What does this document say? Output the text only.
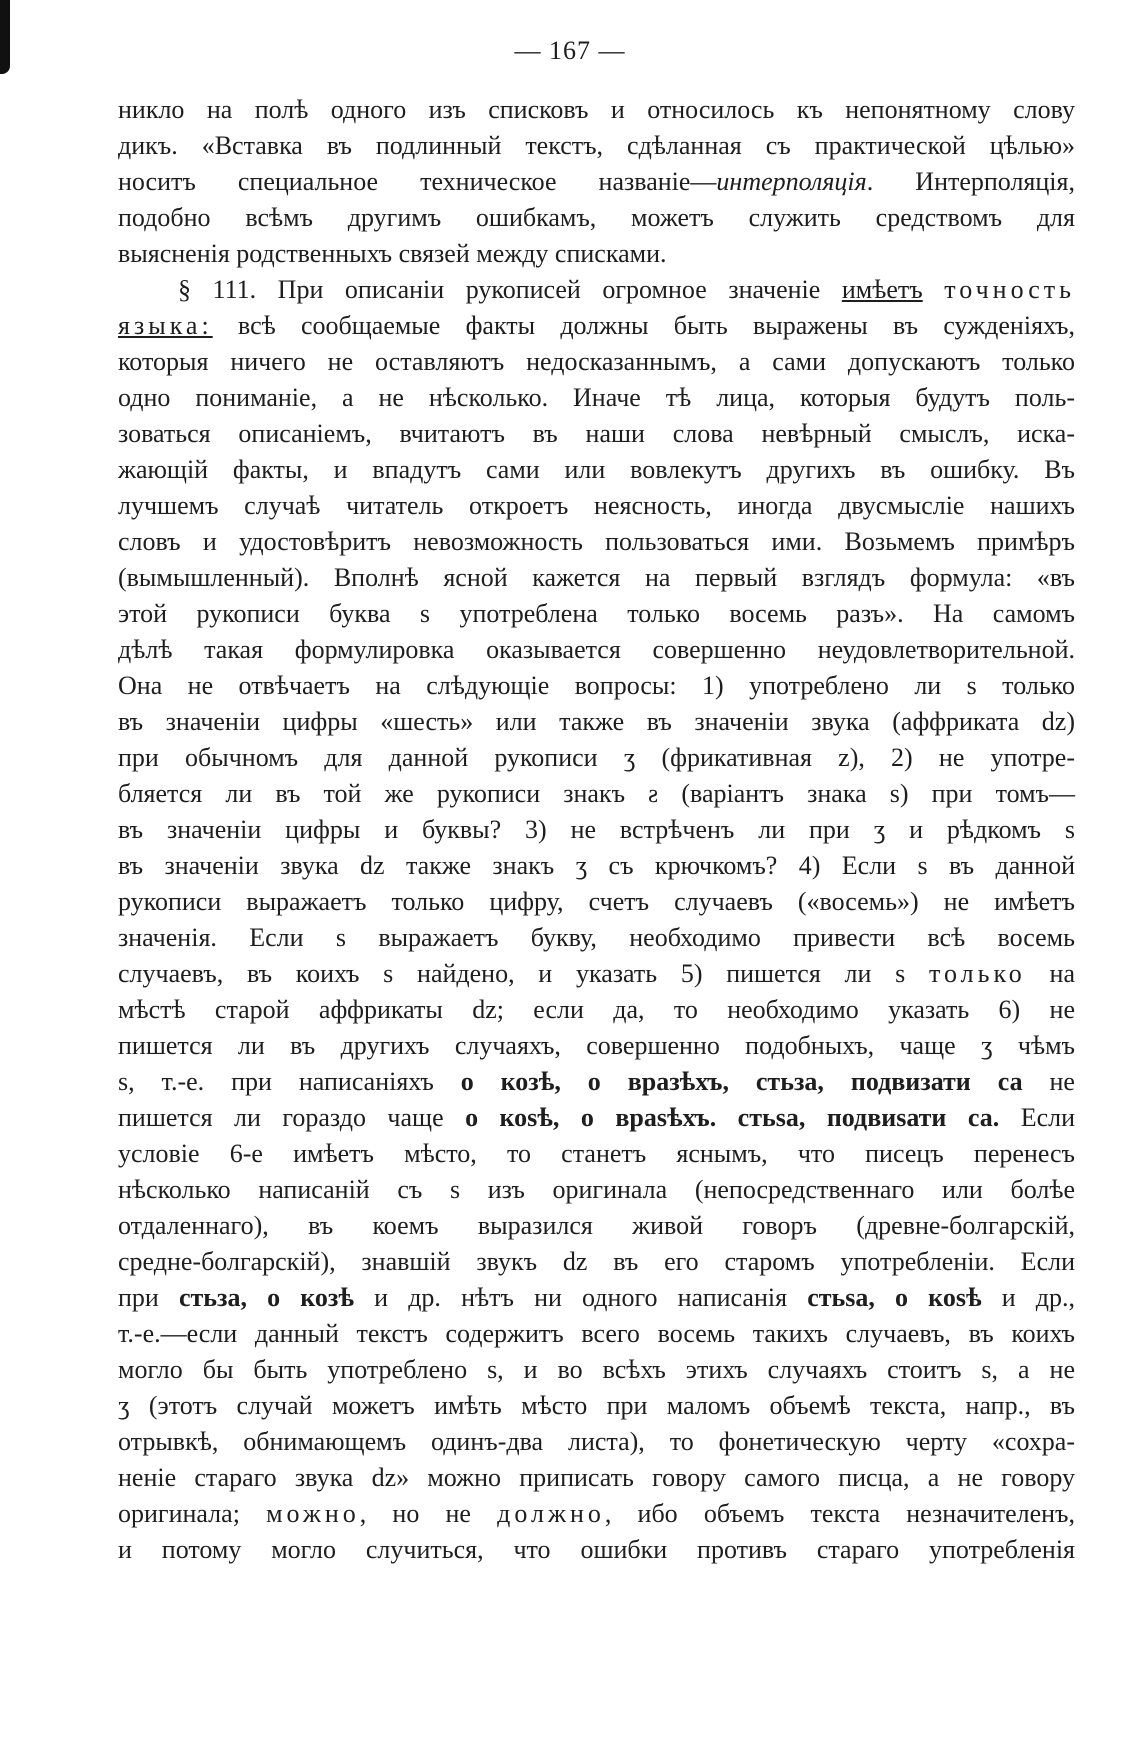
— 167 —
никло на полѣ одного изъ списковъ и относилось къ непонятному слову
дикъ. «Вставка въ подлинный текстъ, сдѣланная съ практической цѣлью»
носитъ специальное техническое названіе—интерполяція. Интерполяція,
подобно всѣмъ другимъ ошибкамъ, можетъ служить средствомъ для
выясненія родственныхъ связей между списками.
§ 111. При описаніи рукописей огромное значеніе имѣетъ точность
языка: всѣ сообщаемые факты должны быть выражены въ сужденіяхъ,
которыя ничего не оставляютъ недосказаннымъ, а сами допускаютъ только
одно пониманіе, а не нѣсколько. Иначе тѣ лица, которыя будутъ поль-
зоваться описаніемъ, вчитаютъ въ наши слова невѣрный смыслъ, иска-
жающій факты, и впадутъ сами или вовлекутъ другихъ въ ошибку. Въ
лучшемъ случаѣ читатель откроетъ неясность, иногда двусмысліе нашихъ
словъ и удостовѣритъ невозможность пользоваться ими. Возьмемъ примѣръ
(вымышленный). Вполнѣ ясной кажется на первый взглядъ формула: «въ
этой рукописи буква s употреблена только восемь разъ». На самомъ
дѣлѣ такая формулировка оказывается совершенно неудовлетворительной.
Она не отвѣчаетъ на слѣдующіе вопросы: 1) употреблено ли s только
въ значеніи цифры «шесть» или также въ значеніи звука (аффриката dz)
при обычномъ для данной рукописи ʒ (фрикативная z), 2) не употре-
бляется ли въ той же рукописи знакъ ƨ (варіантъ знака s) при томъ—
въ значеніи цифры и буквы? 3) не встрѣченъ ли при ʒ и рѣдкомъ s
въ значеніи звука dz также знакъ ʒ съ крючкомъ? 4) Если s въ данной
рукописи выражаетъ только цифру, счетъ случаевъ («восемь») не имѣетъ
значенія. Если s выражаетъ букву, необходимо привести всѣ восемь
случаевъ, въ коихъ s найдено, и указать 5) пишется ли s только на
мѣстѣ старой аффрикаты dz; если да, то необходимо указать 6) не
пишется ли въ другихъ случаяхъ, совершенно подобныхъ, чаще ʒ чѣмъ
s, т.-е. при написаніяхъ о козѣ, о вразѣхъ, стьза, подвизати са не
пишется ли гораздо чаще о коѕѣ, о враѕѣхъ. стьѕа, подвиѕати са. Если
условіе 6-е имѣетъ мѣсто, то станетъ яснымъ, что писецъ перенесъ
нѣсколько написаній съ s изъ оригинала (непосредственнаго или болѣе
отдаленнаго), въ коемъ выразился живой говоръ (древне-болгарскій,
средне-болгарскій), знавшій звукъ dz въ его старомъ употребленіи. Если
при стьза, о козѣ и др. нѣтъ ни одного написанія стьѕа, о коѕѣ и др.,
т.-е.—если данный текстъ содержитъ всего восемь такихъ случаевъ, въ коихъ
могло бы быть употреблено s, и во всѣхъ этихъ случаяхъ стоитъ s, а не
ʒ (этотъ случай можетъ имѣть мѣсто при маломъ объемѣ текста, напр., въ
отрывкѣ, обнимающемъ одинъ-два листа), то фонетическую черту «сохра-
неніе стараго звука dz» можно приписать говору самого писца, а не говору
оригинала; можно, но не должно, ибо объемъ текста незначителенъ,
и потому могло случиться, что ошибки противъ стараго употребленія
